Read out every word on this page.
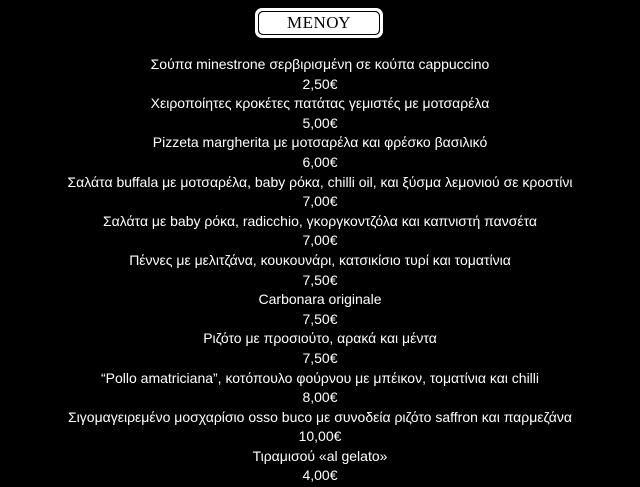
ΜΕΝΟΥ
Σούπα minestrone σερβιρισμένη σε κούπα cappuccino
2,50€
Χειροποίητες κροκέτες πατάτας γεμιστές με μοτσαρέλα
5,00€
Pizzeta margherita με μοτσαρέλα και φρέσκο βασιλικό
6,00€
Σαλάτα buffala με μοτσαρέλα, baby ρόκα, chilli oil, και ξύσμα λεμονιού σε κροστίνι
7,00€
Σαλάτα με baby ρόκα, radicchio, γκοργκοντζόλα και καπνιστή πανσέτα
7,00€
Πέννες με μελιτζάνα, κουκουνάρι, κατσικίσιο τυρί και τοματίνια
7,50€
Carbonara originale
7,50€
Ριζότο με προσιούτο, αρακά και μέντα
7,50€
“Pollo amatriciana”, κοτόπουλο φούρνου με μπέικον, τοματίνια και chilli
8,00€
Σιγομαγειρεμένο μοσχαρίσιο osso buco με συνοδεία ριζότο saffron και παρμεζάνα
10,00€
Τιραμισού «al gelato»
4,00€
